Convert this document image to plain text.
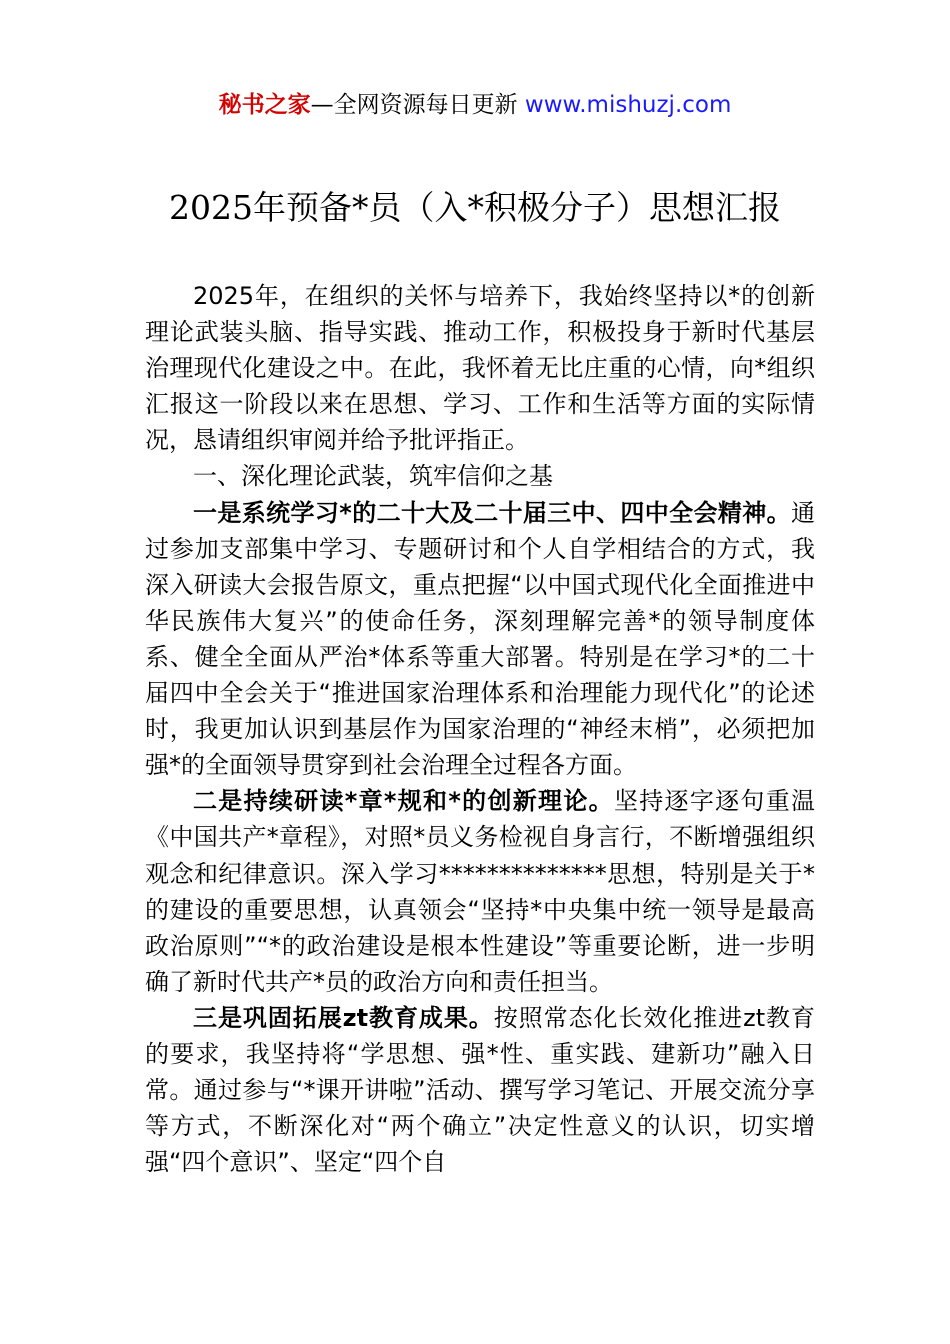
秘书之家—全网资源每日更新 www.mishuzj.com
2025年预备*员（入*积极分子）思想汇报

2025年，在组织的关怀与培养下，我始终坚持以*的创新理论武装头脑、指导实践、推动工作，积极投身于新时代基层治理现代化建设之中。在此，我怀着无比庄重的心情，向*组织汇报这一阶段以来在思想、学习、工作和生活等方面的实际情况，恳请组织审阅并给予批评指正。

一、深化理论武装，筑牢信仰之基

一是系统学习*的二十大及二十届三中、四中全会精神。通过参加支部集中学习、专题研讨和个人自学相结合的方式，我深入研读大会报告原文，重点把握“以中国式现代化全面推进中华民族伟大复兴”的使命任务，深刻理解完善*的领导制度体系、健全全面从严治*体系等重大部署。特别是在学习*的二十届四中全会关于“推进国家治理体系和治理能力现代化”的论述时，我更加认识到基层作为国家治理的“神经末梢”，必须把加强*的全面领导贯穿到社会治理全过程各方面。

二是持续研读*章*规和*的创新理论。坚持逐字逐句重温《中国共产*章程》，对照*员义务检视自身言行，不断增强组织观念和纪律意识。深入学习**************思想，特别是关于*的建设的重要思想，认真领会“坚持*中央集中统一领导是最高政治原则”“*的政治建设是根本性建设”等重要论断，进一步明确了新时代共产*员的政治方向和责任担当。

三是巩固拓展zt教育成果。按照常态化长效化推进zt教育的要求，我坚持将“学思想、强*性、重实践、建新功”融入日常。通过参与“*课开讲啦”活动、撰写学习笔记、开展交流分享等方式，不断深化对“两个确立”决定性意义的认识，切实增强“四个意识”、坚定“四个自
